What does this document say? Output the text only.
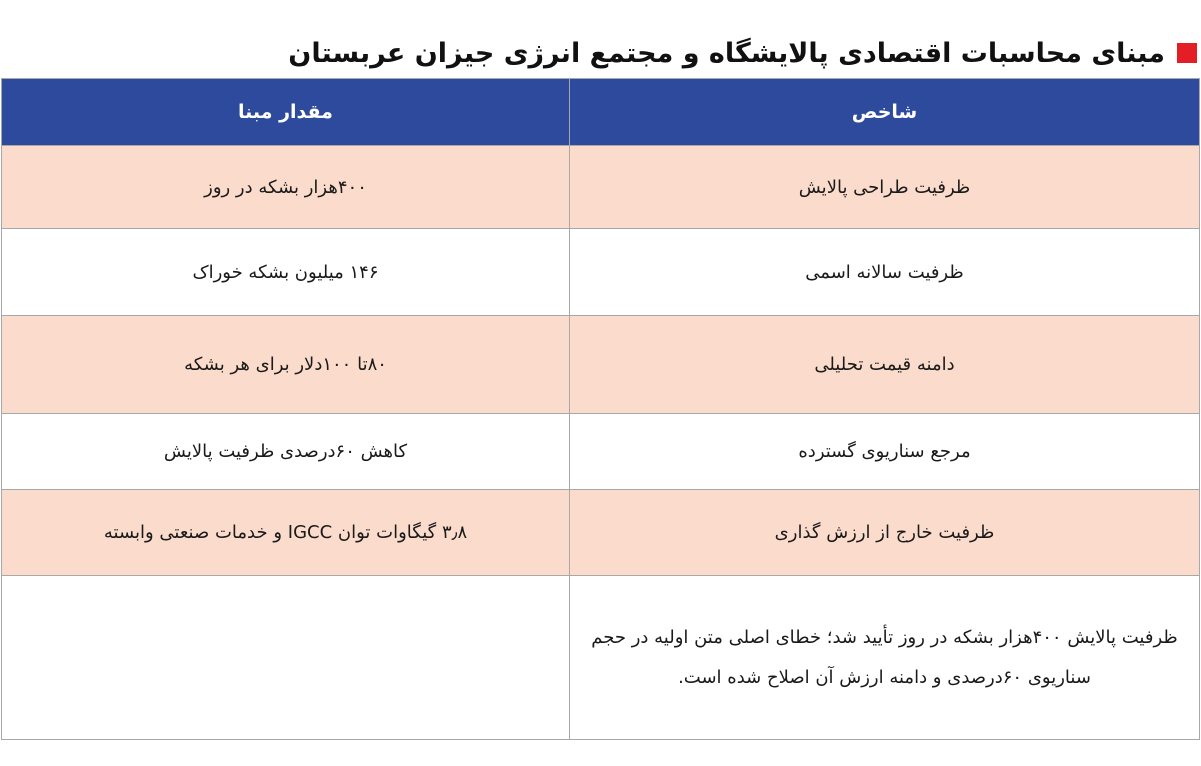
مبنای محاسبات اقتصادی پالایشگاه و مجتمع انرژی جیزان عربستان
شاخص	مقدار مبنا
ظرفیت طراحی پالایش	۴۰۰هزار بشکه در روز
ظرفیت سالانه اسمی	۱۴۶ میلیون بشکه خوراک
دامنه قیمت تحلیلی	۸۰تا ۱۰۰دلار برای هر بشکه
مرجع سناریوی گسترده	کاهش ۶۰درصدی ظرفیت پالایش
ظرفیت خارج از ارزش گذاری	۳٫۸ گیگاوات توان IGCC و خدمات صنعتی وابسته
ظرفیت پالایش ۴۰۰هزار بشکه در روز تأیید شد؛ خطای اصلی متن اولیه در حجم سناریوی ۶۰درصدی و دامنه ارزش آن اصلاح شده است.	
